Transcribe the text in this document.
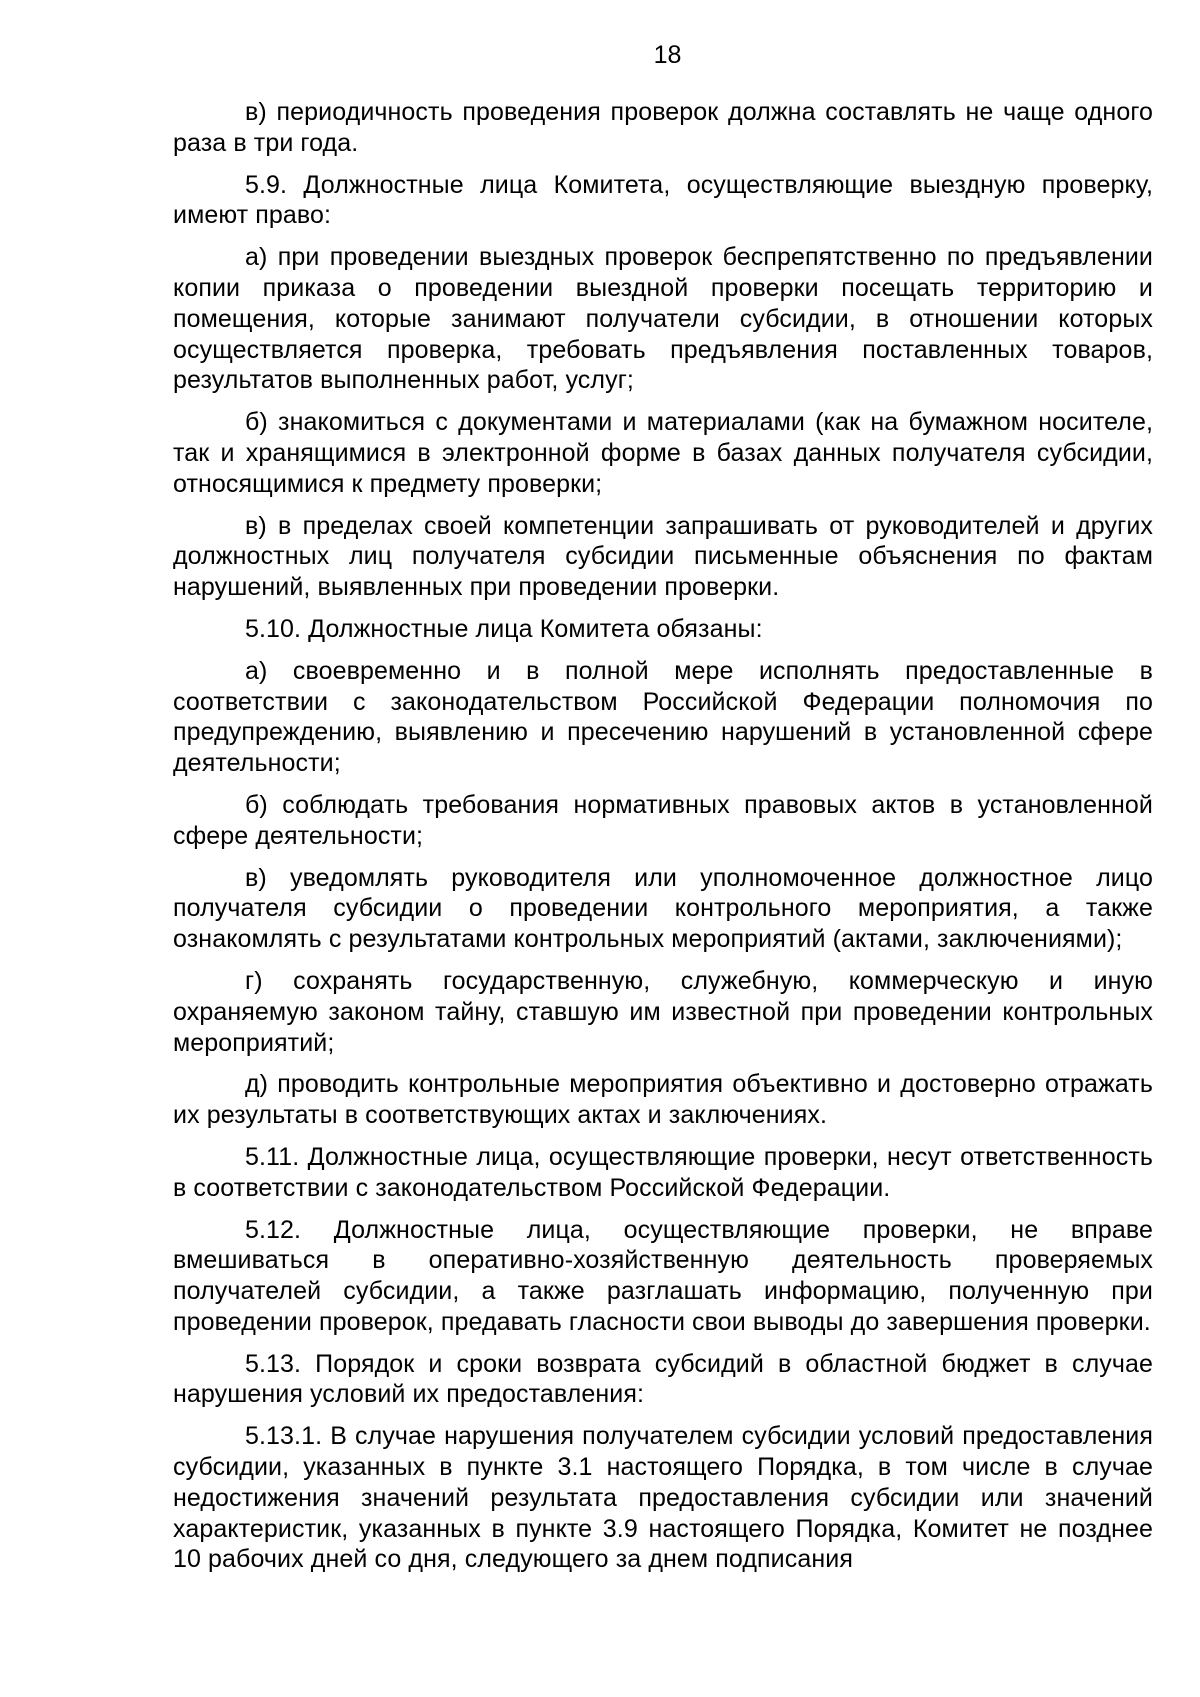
18

в) периодичность проведения проверок должна составлять не чаще одного раза в три года.

5.9. Должностные лица Комитета, осуществляющие выездную проверку, имеют право:

а) при проведении выездных проверок беспрепятственно по предъявлении копии приказа о проведении выездной проверки посещать территорию и помещения, которые занимают получатели субсидии, в отношении которых осуществляется проверка, требовать предъявления поставленных товаров, результатов выполненных работ, услуг;

б) знакомиться с документами и материалами (как на бумажном носителе, так и хранящимися в электронной форме в базах данных получателя субсидии, относящимися к предмету проверки;

в) в пределах своей компетенции запрашивать от руководителей и других должностных лиц получателя субсидии письменные объяснения по фактам нарушений, выявленных при проведении проверки.

5.10. Должностные лица Комитета обязаны:

а) своевременно и в полной мере исполнять предоставленные в соответствии с законодательством Российской Федерации полномочия по предупреждению, выявлению и пресечению нарушений в установленной сфере деятельности;

б) соблюдать требования нормативных правовых актов в установленной сфере деятельности;

в) уведомлять руководителя или уполномоченное должностное лицо получателя субсидии о проведении контрольного мероприятия, а также ознакомлять с результатами контрольных мероприятий (актами, заключениями);

г) сохранять государственную, служебную, коммерческую и иную охраняемую законом тайну, ставшую им известной при проведении контрольных мероприятий;

д) проводить контрольные мероприятия объективно и достоверно отражать их результаты в соответствующих актах и заключениях.

5.11. Должностные лица, осуществляющие проверки, несут ответственность в соответствии с законодательством Российской Федерации.

5.12. Должностные лица, осуществляющие проверки, не вправе вмешиваться в оперативно-хозяйственную деятельность проверяемых получателей субсидии, а также разглашать информацию, полученную при проведении проверок, предавать гласности свои выводы до завершения проверки.

5.13. Порядок и сроки возврата субсидий в областной бюджет в случае нарушения условий их предоставления:

5.13.1. В случае нарушения получателем субсидии условий предоставления субсидии, указанных в пункте 3.1 настоящего Порядка, в том числе в случае недостижения значений результата предоставления субсидии или значений характеристик, указанных в пункте 3.9 настоящего Порядка, Комитет не позднее 10 рабочих дней со дня, следующего за днем подписания
